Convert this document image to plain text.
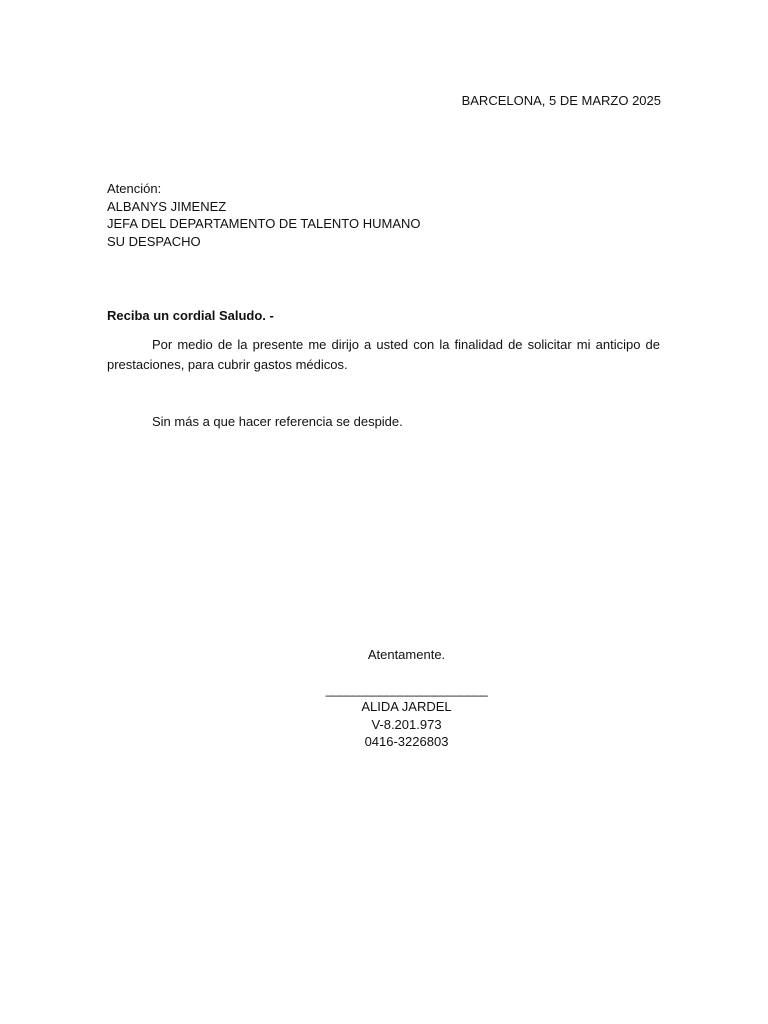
BARCELONA, 5 DE MARZO 2025
Atención:
ALBANYS JIMENEZ
JEFA DEL DEPARTAMENTO DE TALENTO HUMANO
SU DESPACHO
Reciba un cordial Saludo. -
Por medio de la presente me dirijo a usted con la finalidad de solicitar mi anticipo de prestaciones, para cubrir gastos médicos.
Sin más a que hacer referencia se despide.
Atentamente.
________________________
ALIDA JARDEL
V-8.201.973
0416-3226803
